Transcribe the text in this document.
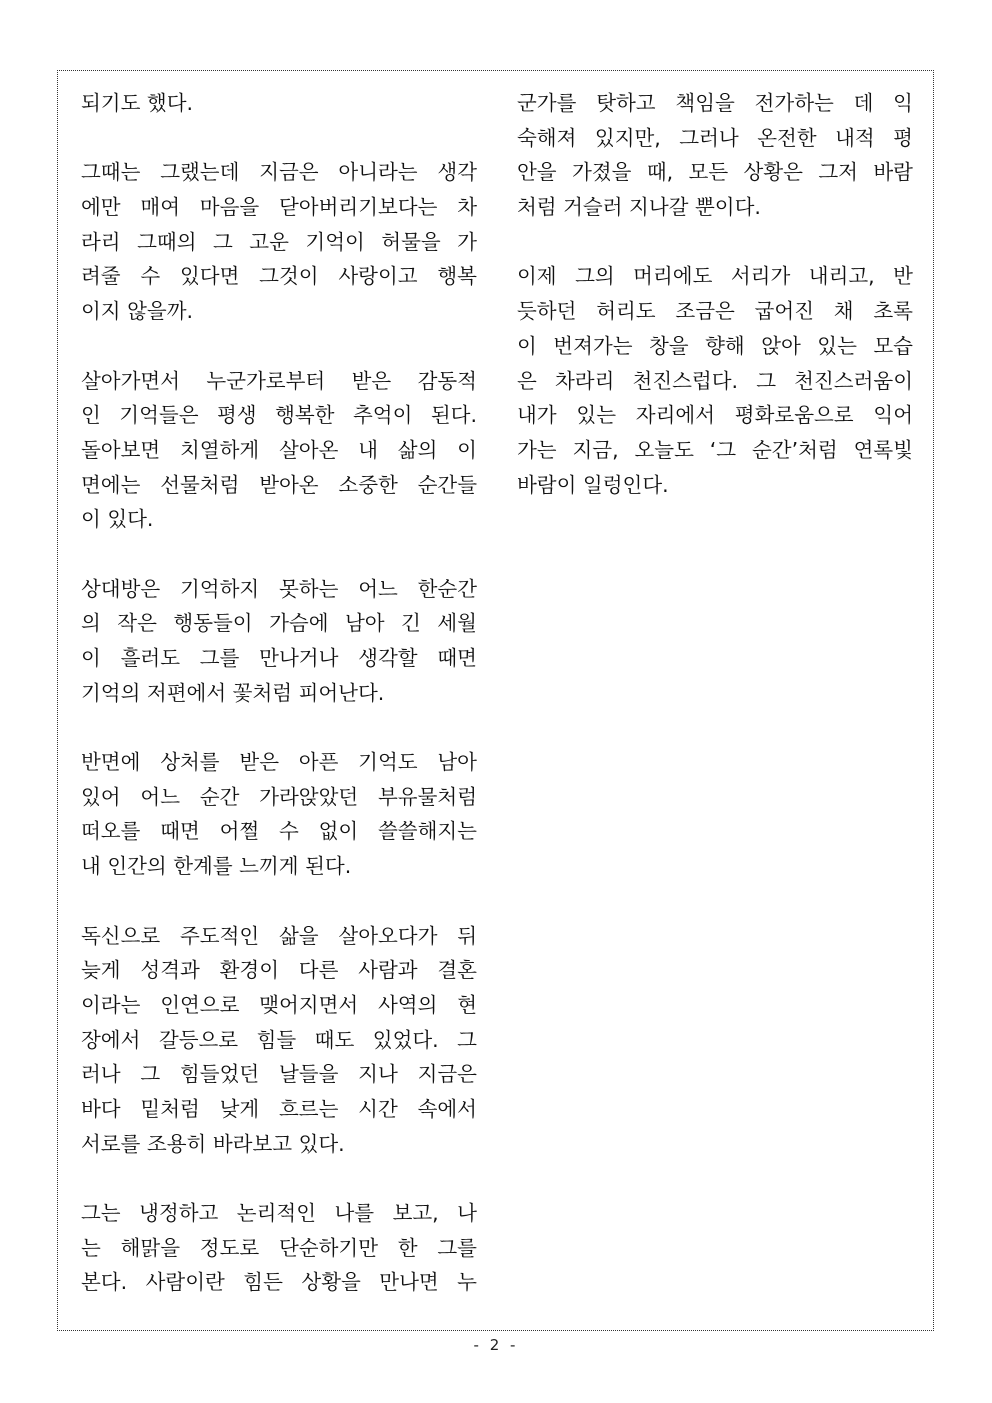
되기도 했다.
그때는 그랬는데 지금은 아니라는 생각
에만 매여 마음을 닫아버리기보다는 차
라리 그때의 그 고운 기억이 허물을 가
려줄 수 있다면 그것이 사랑이고 행복
이지 않을까.
살아가면서 누군가로부터 받은 감동적
인 기억들은 평생 행복한 추억이 된다.
돌아보면 치열하게 살아온 내 삶의 이
면에는 선물처럼 받아온 소중한 순간들
이 있다.
상대방은 기억하지 못하는 어느 한순간
의 작은 행동들이 가슴에 남아 긴 세월
이 흘러도 그를 만나거나 생각할 때면
기억의 저편에서 꽃처럼 피어난다.
반면에 상처를 받은 아픈 기억도 남아
있어 어느 순간 가라앉았던 부유물처럼
떠오를 때면 어쩔 수 없이 쓸쓸해지는
내 인간의 한계를 느끼게 된다.
독신으로 주도적인 삶을 살아오다가 뒤
늦게 성격과 환경이 다른 사람과 결혼
이라는 인연으로 맺어지면서 사역의 현
장에서 갈등으로 힘들 때도 있었다. 그
러나 그 힘들었던 날들을 지나 지금은
바다 밑처럼 낮게 흐르는 시간 속에서
서로를 조용히 바라보고 있다.
그는 냉정하고 논리적인 나를 보고, 나
는 해맑을 정도로 단순하기만 한 그를
본다. 사람이란 힘든 상황을 만나면 누
군가를 탓하고 책임을 전가하는 데 익
숙해져 있지만, 그러나 온전한 내적 평
안을 가졌을 때, 모든 상황은 그저 바람
처럼 거슬러 지나갈 뿐이다.
이제 그의 머리에도 서리가 내리고, 반
듯하던 허리도 조금은 굽어진 채 초록
이 번져가는 창을 향해 앉아 있는 모습
은 차라리 천진스럽다. 그 천진스러움이
내가 있는 자리에서 평화로움으로 익어
가는 지금, 오늘도 ‘그 순간’처럼 연록빛
바람이 일렁인다.
- 2 -
